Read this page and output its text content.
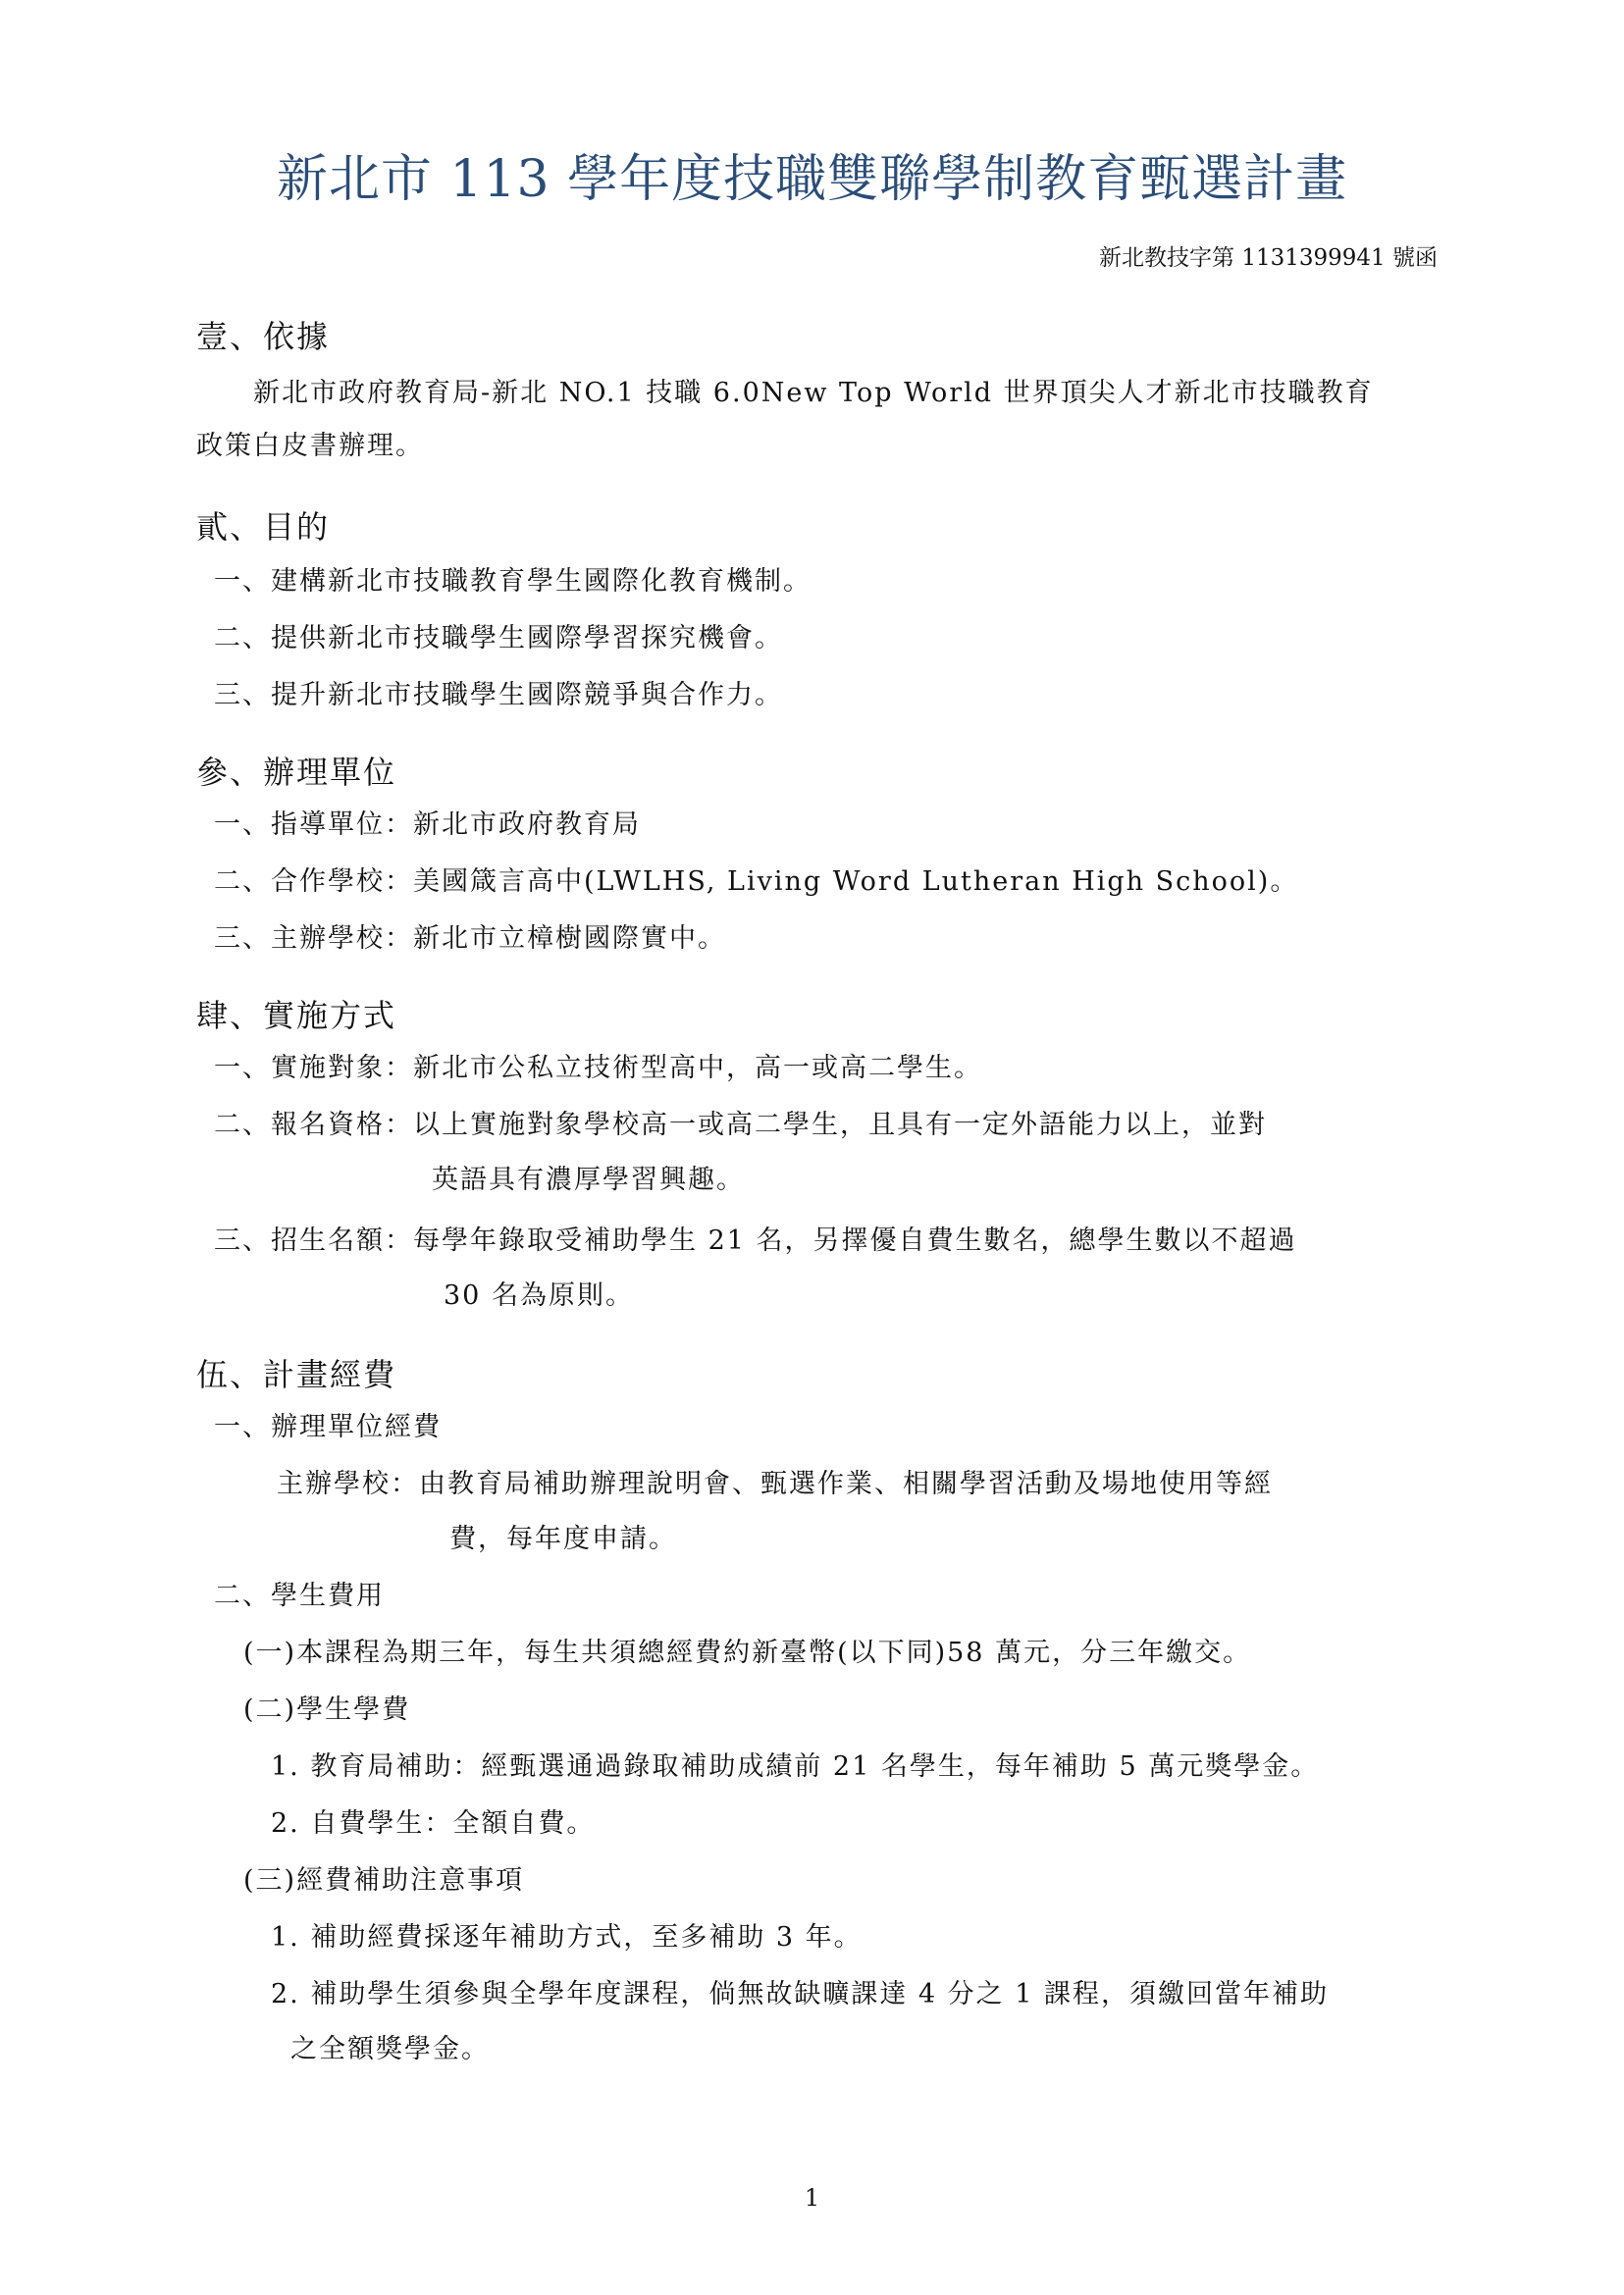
新北市 113 學年度技職雙聯學制教育甄選計畫
新北教技字第 1131399941 號函
壹、依據
新北市政府教育局-新北 NO.1 技職 6.0New Top World 世界頂尖人才新北市技職教育
政策白皮書辦理。
貳、目的
一、建構新北市技職教育學生國際化教育機制。
二、提供新北市技職學生國際學習探究機會。
三、提升新北市技職學生國際競爭與合作力。
參、辦理單位
一、指導單位：新北市政府教育局
二、合作學校：美國箴言高中(LWLHS, Living Word Lutheran High School)。
三、主辦學校：新北市立樟樹國際實中。
肆、實施方式
一、實施對象：新北市公私立技術型高中，高一或高二學生。
二、報名資格：以上實施對象學校高一或高二學生，且具有一定外語能力以上，並對
英語具有濃厚學習興趣。
三、招生名額：每學年錄取受補助學生 21 名，另擇優自費生數名，總學生數以不超過
30 名為原則。
伍、計畫經費
一、辦理單位經費
主辦學校：由教育局補助辦理說明會、甄選作業、相關學習活動及場地使用等經
費，每年度申請。
二、學生費用
(一)本課程為期三年，每生共須總經費約新臺幣(以下同)58 萬元，分三年繳交。
(二)學生學費
1. 教育局補助：經甄選通過錄取補助成績前 21 名學生，每年補助 5 萬元獎學金。
2. 自費學生：全額自費。
(三)經費補助注意事項
1. 補助經費採逐年補助方式，至多補助 3 年。
2. 補助學生須參與全學年度課程，倘無故缺曠課達 4 分之 1 課程，須繳回當年補助
之全額獎學金。
1
